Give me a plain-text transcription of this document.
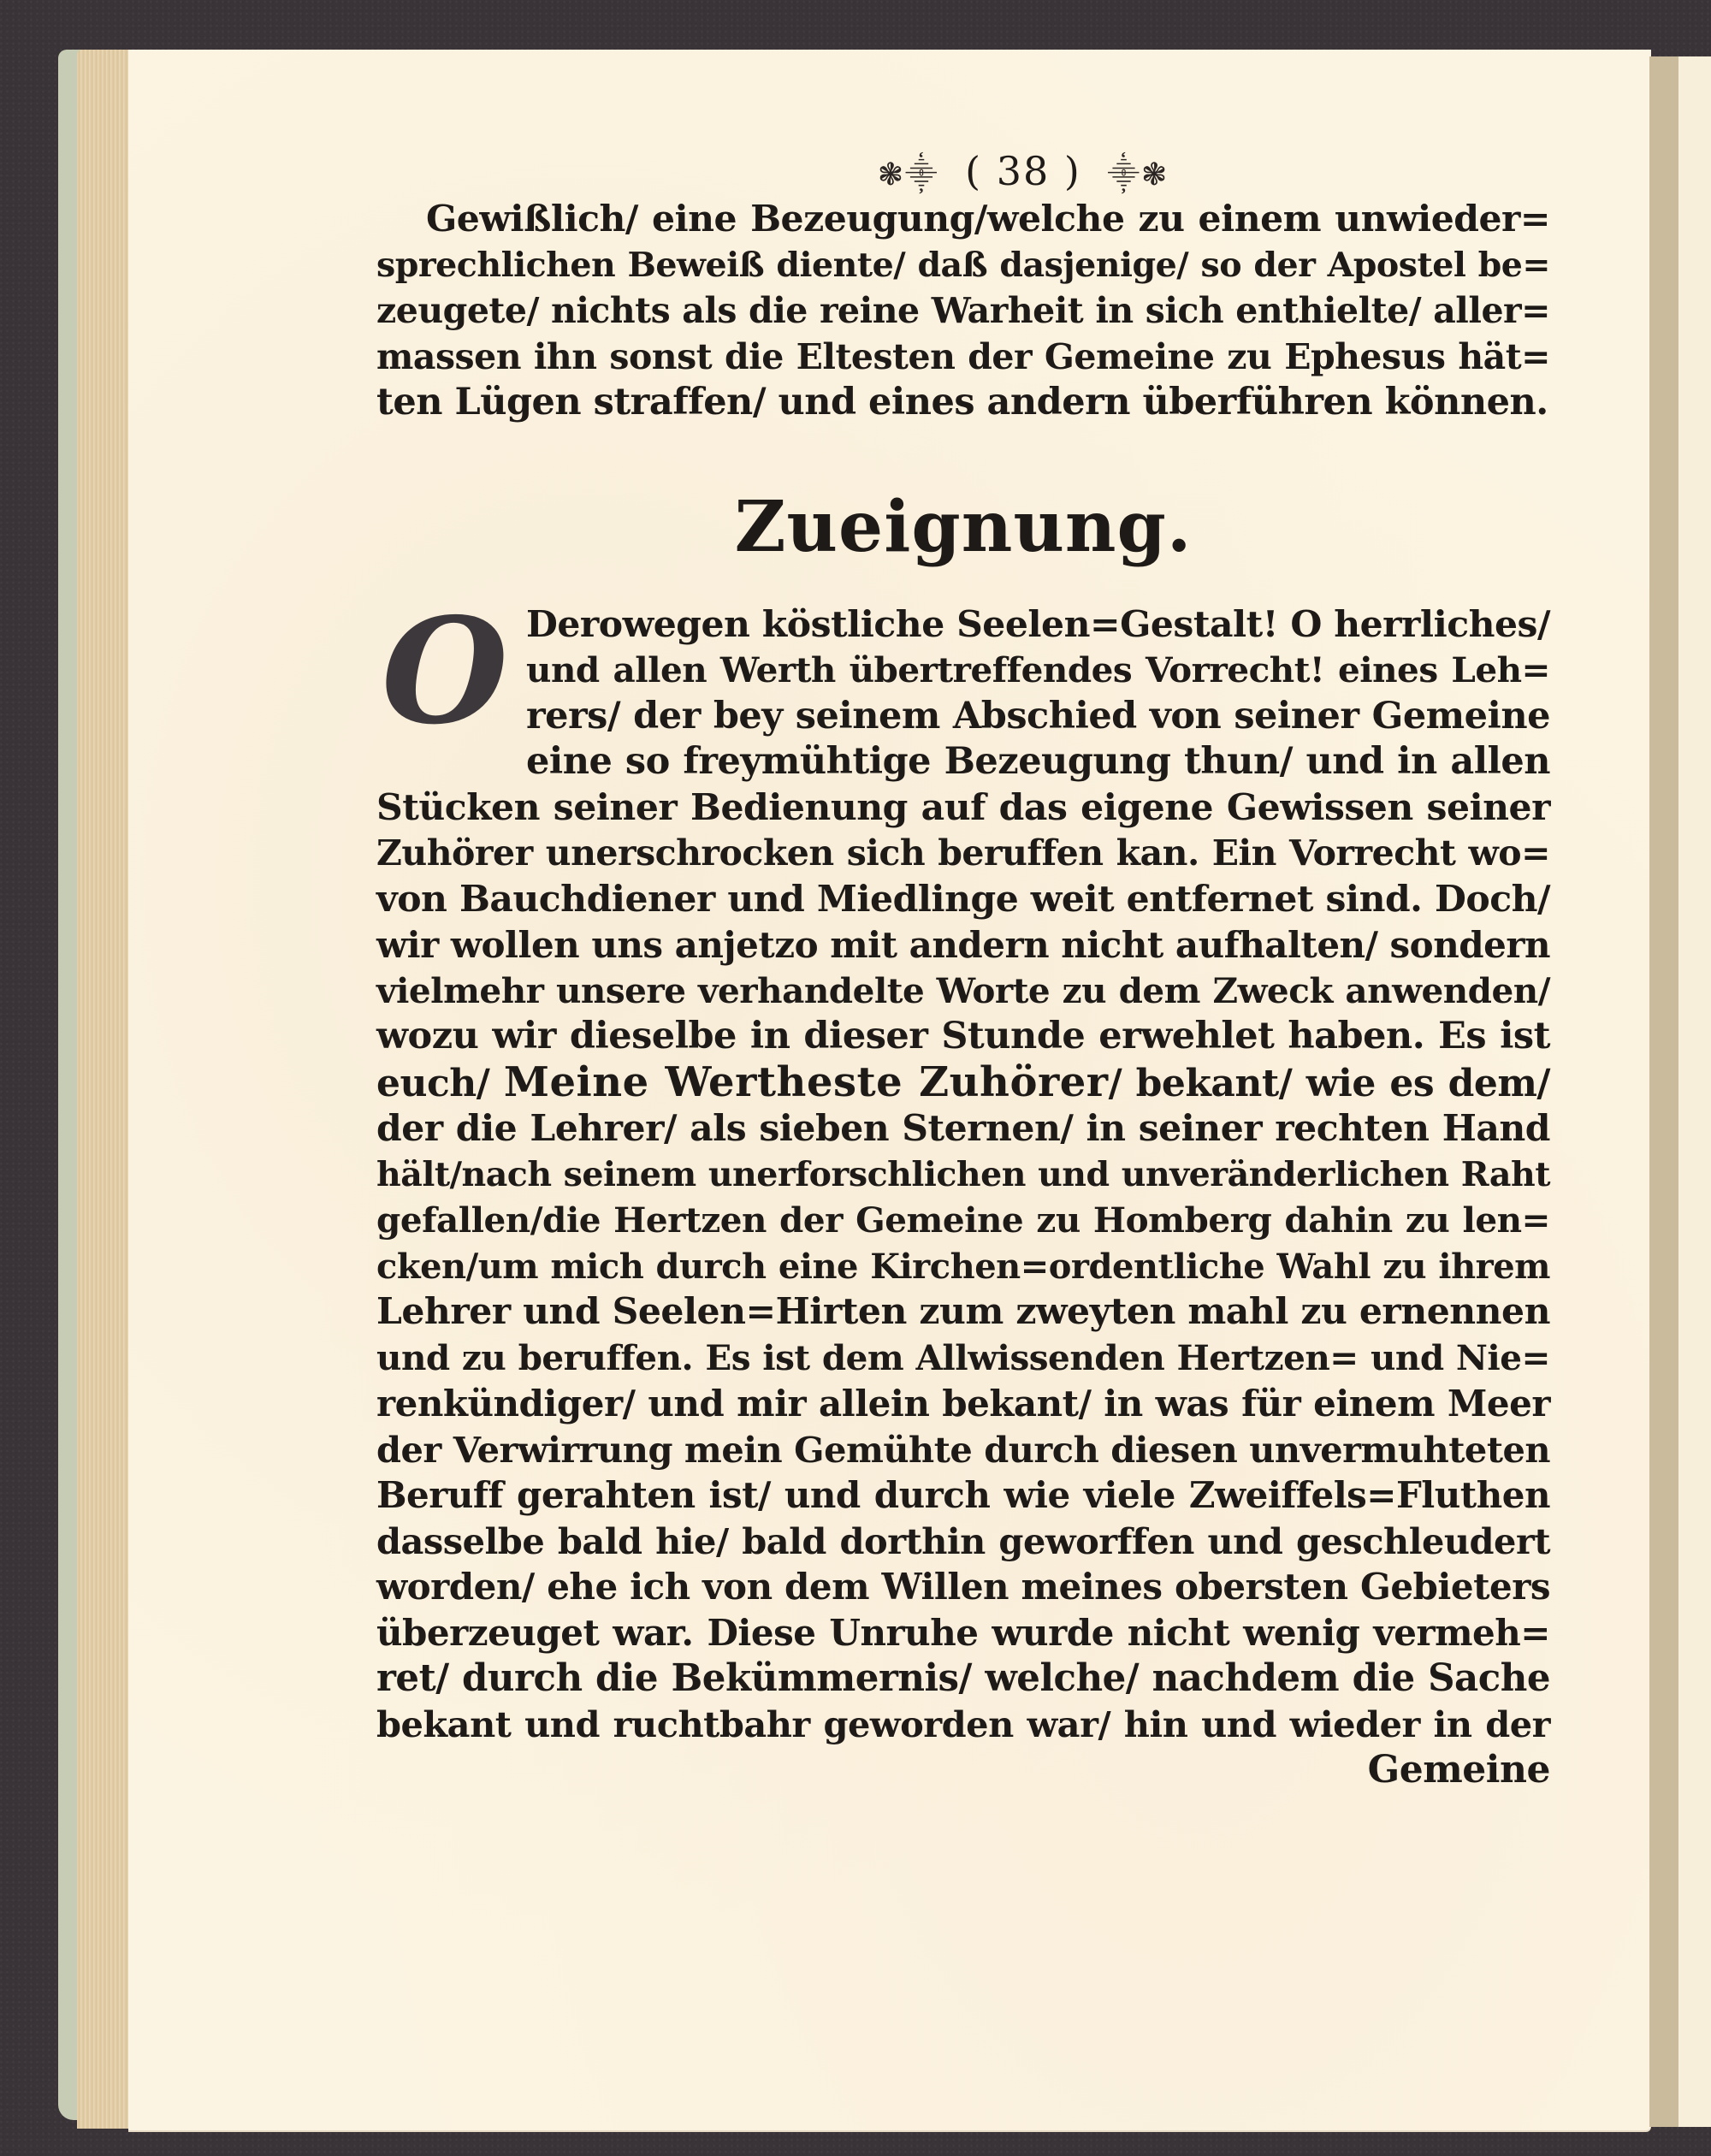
❃⸎ ( 38 ) ⸎❃
Gewißlich/ eine Bezeugung/welche zu einem unwieder=
sprechlichen Beweiß diente/ daß dasjenige/ so der Apostel be=
zeugete/ nichts als die reine Warheit in sich enthielte/ aller=
massen ihn sonst die Eltesten der Gemeine zu Ephesus hät=
ten Lügen straffen/ und eines andern überführen können.
Zueignung.
O Derowegen köstliche Seelen=Gestalt! O herrliches/
und allen Werth übertreffendes Vorrecht! eines Leh=
rers/ der bey seinem Abschied von seiner Gemeine
eine so freymühtige Bezeugung thun/ und in allen
Stücken seiner Bedienung auf das eigene Gewissen seiner
Zuhörer unerschrocken sich beruffen kan. Ein Vorrecht wo=
von Bauchdiener und Miedlinge weit entfernet sind. Doch/
wir wollen uns anjetzo mit andern nicht aufhalten/ sondern
vielmehr unsere verhandelte Worte zu dem Zweck anwenden/
wozu wir dieselbe in dieser Stunde erwehlet haben. Es ist
euch/ Meine Wertheste Zuhörer/ bekant/ wie es dem/
der die Lehrer/ als sieben Sternen/ in seiner rechten Hand
hält/nach seinem unerforschlichen und unveränderlichen Raht
gefallen/die Hertzen der Gemeine zu Homberg dahin zu len=
cken/um mich durch eine Kirchen=ordentliche Wahl zu ihrem
Lehrer und Seelen=Hirten zum zweyten mahl zu ernennen
und zu beruffen. Es ist dem Allwissenden Hertzen= und Nie=
renkündiger/ und mir allein bekant/ in was für einem Meer
der Verwirrung mein Gemühte durch diesen unvermuhteten
Beruff gerahten ist/ und durch wie viele Zweiffels=Fluthen
dasselbe bald hie/ bald dorthin geworffen und geschleudert
worden/ ehe ich von dem Willen meines obersten Gebieters
überzeuget war. Diese Unruhe wurde nicht wenig vermeh=
ret/ durch die Bekümmernis/ welche/ nachdem die Sache
bekant und ruchtbahr geworden war/ hin und wieder in der
Gemeine
